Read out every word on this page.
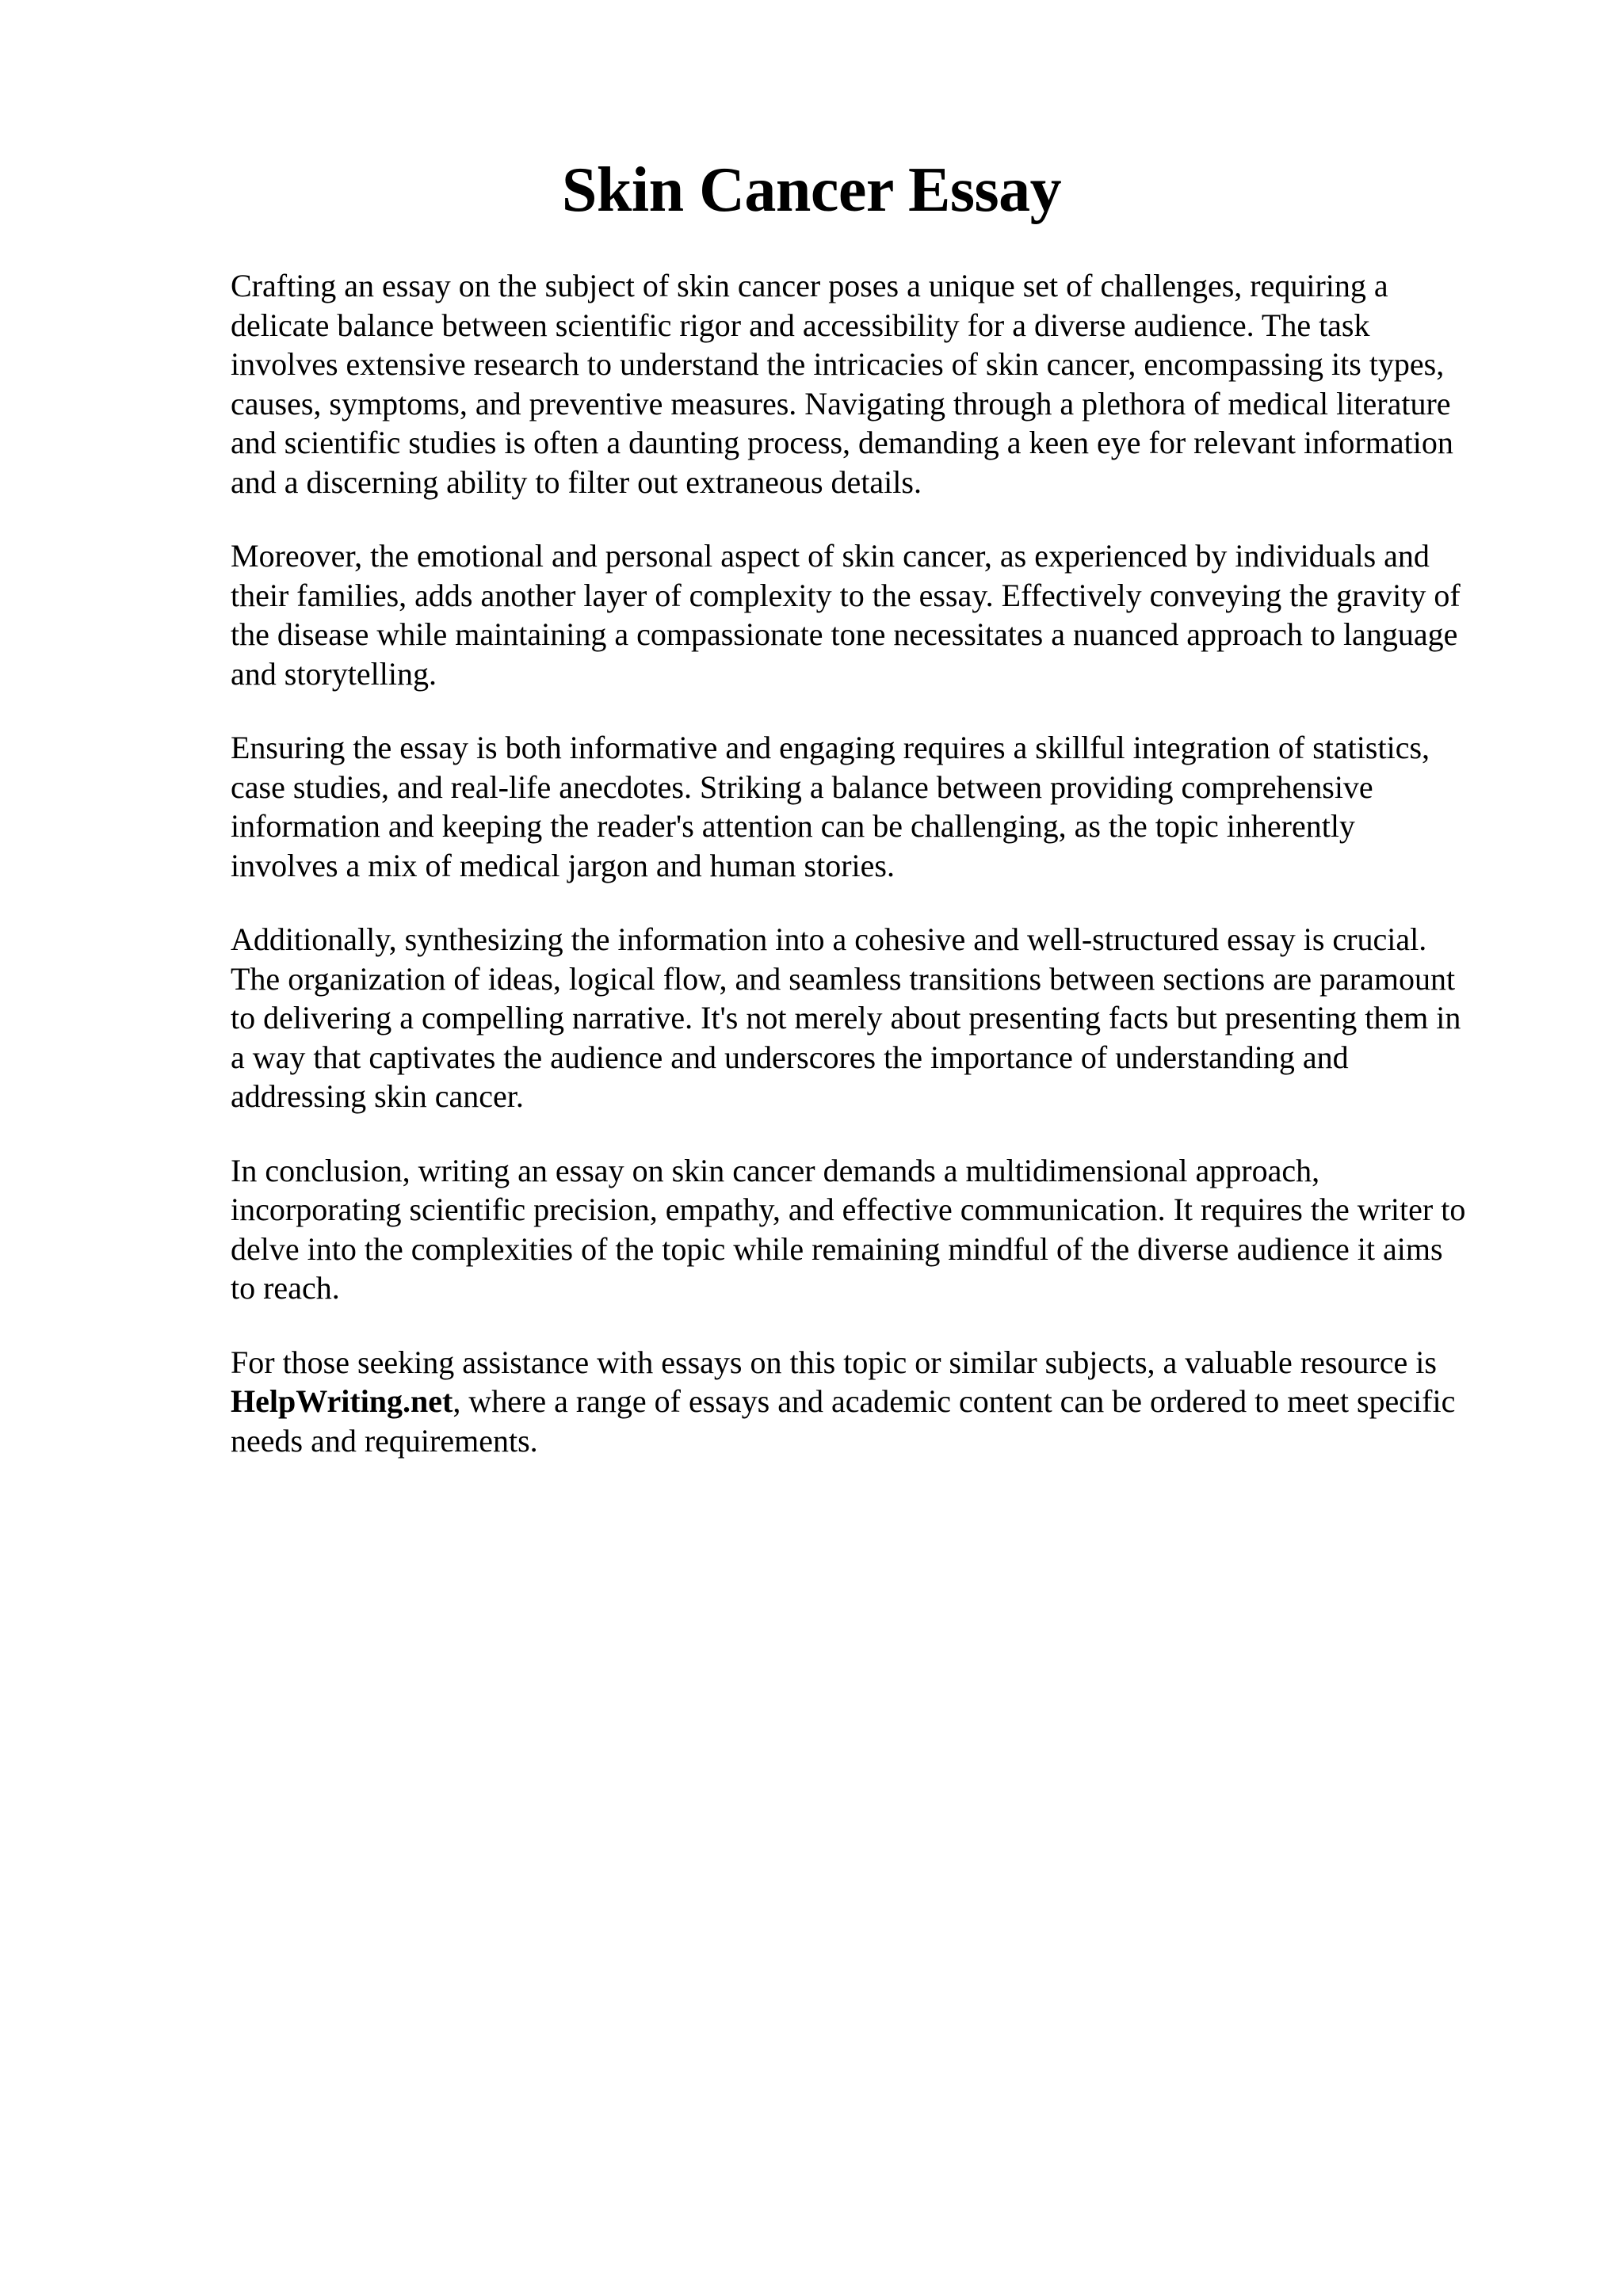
Skin Cancer Essay

Crafting an essay on the subject of skin cancer poses a unique set of challenges, requiring a
delicate balance between scientific rigor and accessibility for a diverse audience. The task
involves extensive research to understand the intricacies of skin cancer, encompassing its types,
causes, symptoms, and preventive measures. Navigating through a plethora of medical literature
and scientific studies is often a daunting process, demanding a keen eye for relevant information
and a discerning ability to filter out extraneous details.

Moreover, the emotional and personal aspect of skin cancer, as experienced by individuals and
their families, adds another layer of complexity to the essay. Effectively conveying the gravity of
the disease while maintaining a compassionate tone necessitates a nuanced approach to language
and storytelling.

Ensuring the essay is both informative and engaging requires a skillful integration of statistics,
case studies, and real-life anecdotes. Striking a balance between providing comprehensive
information and keeping the reader's attention can be challenging, as the topic inherently
involves a mix of medical jargon and human stories.

Additionally, synthesizing the information into a cohesive and well-structured essay is crucial.
The organization of ideas, logical flow, and seamless transitions between sections are paramount
to delivering a compelling narrative. It's not merely about presenting facts but presenting them in
a way that captivates the audience and underscores the importance of understanding and
addressing skin cancer.

In conclusion, writing an essay on skin cancer demands a multidimensional approach,
incorporating scientific precision, empathy, and effective communication. It requires the writer to
delve into the complexities of the topic while remaining mindful of the diverse audience it aims
to reach.

For those seeking assistance with essays on this topic or similar subjects, a valuable resource is
HelpWriting.net, where a range of essays and academic content can be ordered to meet specific
needs and requirements.
